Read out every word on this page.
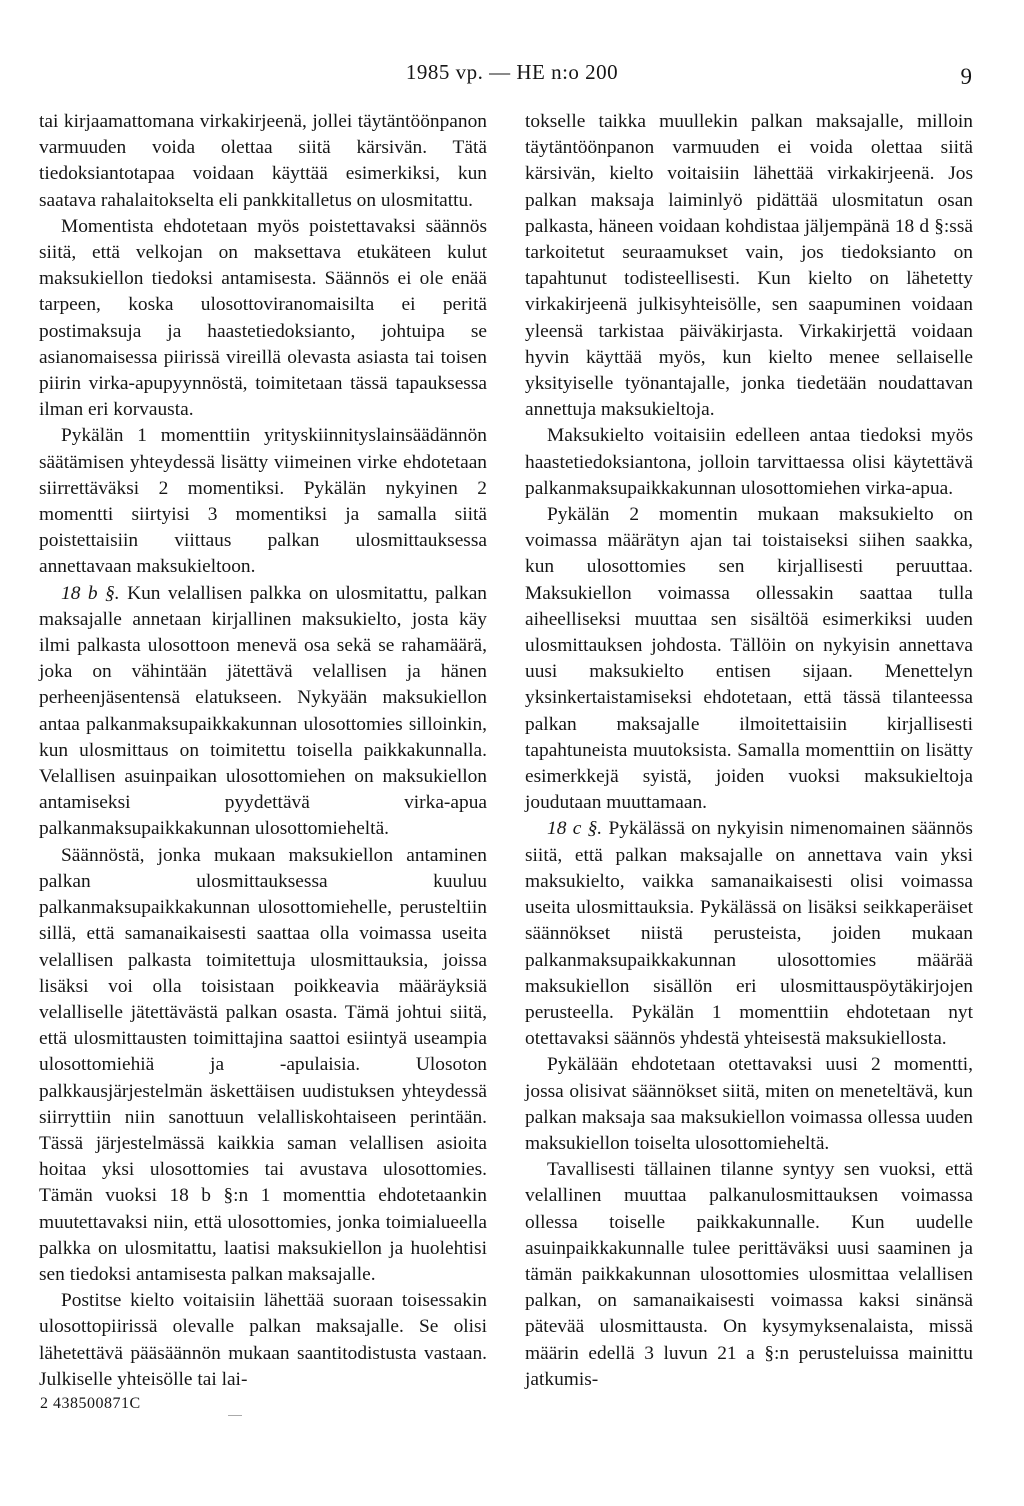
1985 vp. — HE n:o 200	9

tai kirjaamattomana virkakirjeenä, jollei täytäntöönpanon varmuuden voida olettaa siitä kärsivän. Tätä tiedoksiantotapaa voidaan käyttää esimerkiksi, kun saatava rahalaitokselta eli pankkitalletus on ulosmitattu.

Momentista ehdotetaan myös poistettavaksi säännös siitä, että velkojan on maksettava etukäteen kulut maksukiellon tiedoksi antamisesta. Säännös ei ole enää tarpeen, koska ulosottoviranomaisilta ei peritä postimaksuja ja haastetiedoksianto, johtuipa se asianomaisessa piirissä vireillä olevasta asiasta tai toisen piirin virka-apupyynnöstä, toimitetaan tässä tapauksessa ilman eri korvausta.

Pykälän 1 momenttiin yrityskiinnityslainsäädännön säätämisen yhteydessä lisätty viimeinen virke ehdotetaan siirrettäväksi 2 momentiksi. Pykälän nykyinen 2 momentti siirtyisi 3 momentiksi ja samalla siitä poistettaisiin viittaus palkan ulosmittauksessa annettavaan maksukieltoon.

18 b §. Kun velallisen palkka on ulosmitattu, palkan maksajalle annetaan kirjallinen maksukielto, josta käy ilmi palkasta ulosottoon menevä osa sekä se rahamäärä, joka on vähintään jätettävä velallisen ja hänen perheenjäsentensä elatukseen. Nykyään maksukiellon antaa palkanmaksupaikkakunnan ulosottomies silloinkin, kun ulosmittaus on toimitettu toisella paikkakunnalla. Velallisen asuinpaikan ulosottomiehen on maksukiellon antamiseksi pyydettävä virka-apua palkanmaksupaikkakunnan ulosottomieheltä.

Säännöstä, jonka mukaan maksukiellon antaminen palkan ulosmittauksessa kuuluu palkanmaksupaikkakunnan ulosottomiehelle, perusteltiin sillä, että samanaikaisesti saattaa olla voimassa useita velallisen palkasta toimitettuja ulosmittauksia, joissa lisäksi voi olla toisistaan poikkeavia määräyksiä velalliselle jätettävästä palkan osasta. Tämä johtui siitä, että ulosmittausten toimittajina saattoi esiintyä useampia ulosottomiehiä ja -apulaisia. Ulosoton palkkausjärjestelmän äskettäisen uudistuksen yhteydessä siirryttiin niin sanottuun velalliskohtaiseen perintään. Tässä järjestelmässä kaikkia saman velallisen asioita hoitaa yksi ulosottomies tai avustava ulosottomies. Tämän vuoksi 18 b §:n 1 momenttia ehdotetaankin muutettavaksi niin, että ulosottomies, jonka toimialueella palkka on ulosmitattu, laatisi maksukiellon ja huolehtisi sen tiedoksi antamisesta palkan maksajalle.

Postitse kielto voitaisiin lähettää suoraan toisessakin ulosottopiirissä olevalle palkan maksajalle. Se olisi lähetettävä pääsäännön mukaan saantitodistusta vastaan. Julkiselle yhteisölle tai lai-

tokselle taikka muullekin palkan maksajalle, milloin täytäntöönpanon varmuuden ei voida olettaa siitä kärsivän, kielto voitaisiin lähettää virkakirjeenä. Jos palkan maksaja laiminlyö pidättää ulosmitatun osan palkasta, häneen voidaan kohdistaa jäljempänä 18 d §:ssä tarkoitetut seuraamukset vain, jos tiedoksianto on tapahtunut todisteellisesti. Kun kielto on lähetetty virkakirjeenä julkisyhteisölle, sen saapuminen voidaan yleensä tarkistaa päiväkirjasta. Virkakirjettä voidaan hyvin käyttää myös, kun kielto menee sellaiselle yksityiselle työnantajalle, jonka tiedetään noudattavan annettuja maksukieltoja.

Maksukielto voitaisiin edelleen antaa tiedoksi myös haastetiedoksiantona, jolloin tarvittaessa olisi käytettävä palkanmaksupaikkakunnan ulosottomiehen virka-apua.

Pykälän 2 momentin mukaan maksukielto on voimassa määrätyn ajan tai toistaiseksi siihen saakka, kun ulosottomies sen kirjallisesti peruuttaa. Maksukiellon voimassa ollessakin saattaa tulla aiheelliseksi muuttaa sen sisältöä esimerkiksi uuden ulosmittauksen johdosta. Tällöin on nykyisin annettava uusi maksukielto entisen sijaan. Menettelyn yksinkertaistamiseksi ehdotetaan, että tässä tilanteessa palkan maksajalle ilmoitettaisiin kirjallisesti tapahtuneista muutoksista. Samalla momenttiin on lisätty esimerkkejä syistä, joiden vuoksi maksukieltoja joudutaan muuttamaan.

18 c §. Pykälässä on nykyisin nimenomainen säännös siitä, että palkan maksajalle on annettava vain yksi maksukielto, vaikka samanaikaisesti olisi voimassa useita ulosmittauksia. Pykälässä on lisäksi seikkaperäiset säännökset niistä perusteista, joiden mukaan palkanmaksupaikkakunnan ulosottomies määrää maksukiellon sisällön eri ulosmittauspöytäkirjojen perusteella. Pykälän 1 momenttiin ehdotetaan nyt otettavaksi säännös yhdestä yhteisestä maksukiellosta.

Pykälään ehdotetaan otettavaksi uusi 2 momentti, jossa olisivat säännökset siitä, miten on meneteltävä, kun palkan maksaja saa maksukiellon voimassa ollessa uuden maksukiellon toiselta ulosottomieheltä.

Tavallisesti tällainen tilanne syntyy sen vuoksi, että velallinen muuttaa palkanulosmittauksen voimassa ollessa toiselle paikkakunnalle. Kun uudelle asuinpaikkakunnalle tulee perittäväksi uusi saaminen ja tämän paikkakunnan ulosottomies ulosmittaa velallisen palkan, on samanaikaisesti voimassa kaksi sinänsä pätevää ulosmittausta. On kysymyksenalaista, missä määrin edellä 3 luvun 21 a §:n perusteluissa mainittu jatkumis-

2 438500871C
